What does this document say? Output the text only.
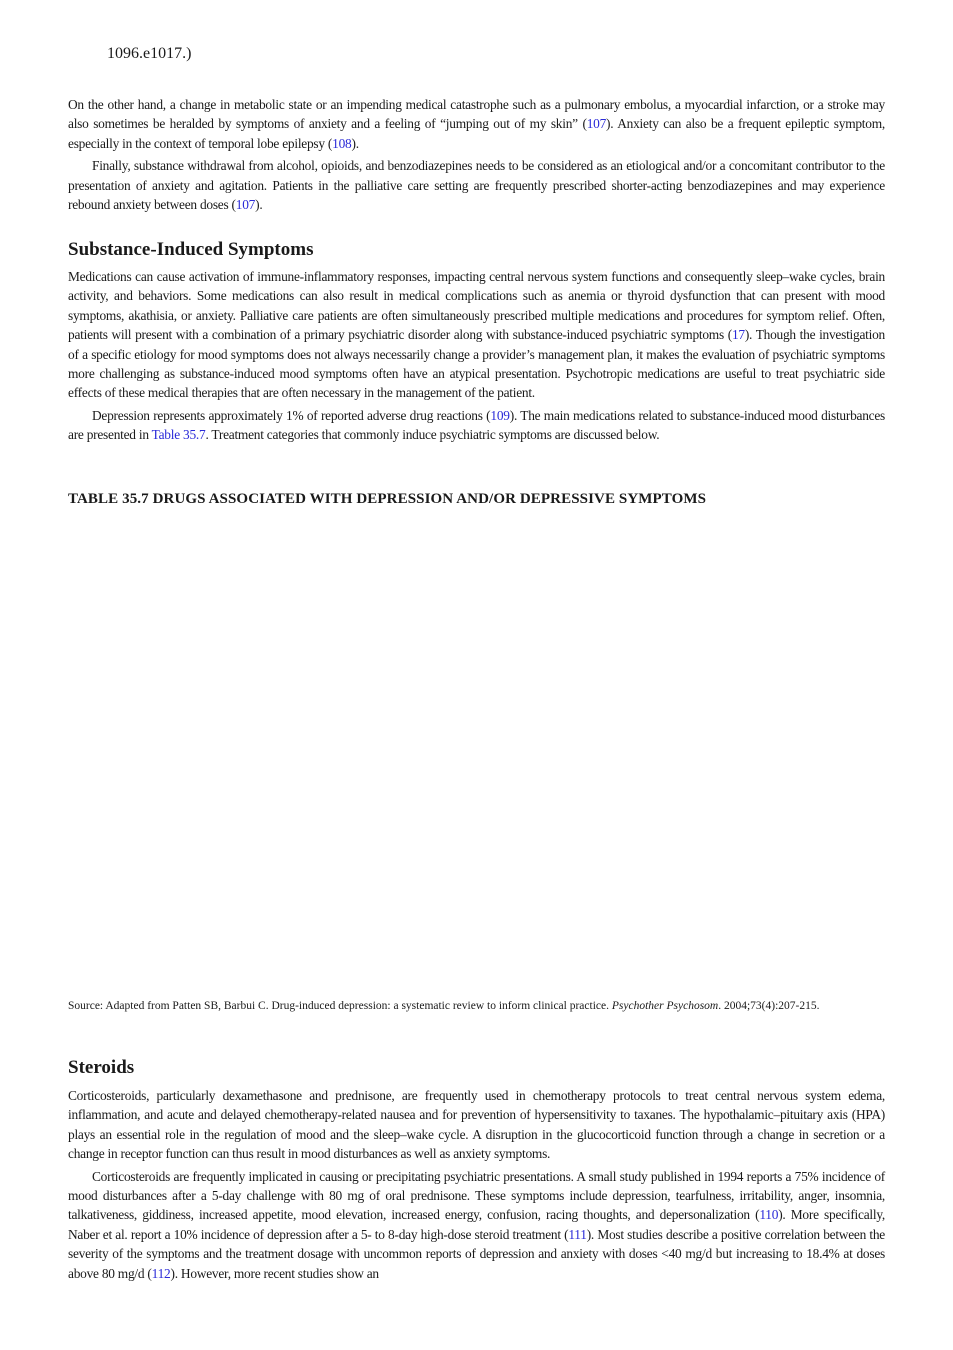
1096.e1017.)

On the other hand, a change in metabolic state or an impending medical catastrophe such as a pulmonary embolus, a myocardial infarction, or a stroke may also sometimes be heralded by symptoms of anxiety and a feeling of “jumping out of my skin” (107). Anxiety can also be a frequent epileptic symptom, especially in the context of temporal lobe epilepsy (108).

Finally, substance withdrawal from alcohol, opioids, and benzodiazepines needs to be considered as an etiological and/or a concomitant contributor to the presentation of anxiety and agitation. Patients in the palliative care setting are frequently prescribed shorter-acting benzodiazepines and may experience rebound anxiety between doses (107).

Substance-Induced Symptoms

Medications can cause activation of immune-inflammatory responses, impacting central nervous system functions and consequently sleep–wake cycles, brain activity, and behaviors. Some medications can also result in medical complications such as anemia or thyroid dysfunction that can present with mood symptoms, akathisia, or anxiety. Palliative care patients are often simultaneously prescribed multiple medications and procedures for symptom relief. Often, patients will present with a combination of a primary psychiatric disorder along with substance-induced psychiatric symptoms (17). Though the investigation of a specific etiology for mood symptoms does not always necessarily change a provider’s management plan, it makes the evaluation of psychiatric symptoms more challenging as substance-induced mood symptoms often have an atypical presentation. Psychotropic medications are useful to treat psychiatric side effects of these medical therapies that are often necessary in the management of the patient.

Depression represents approximately 1% of reported adverse drug reactions (109). The main medications related to substance-induced mood disturbances are presented in Table 35.7. Treatment categories that commonly induce psychiatric symptoms are discussed below.

TABLE 35.7 DRUGS ASSOCIATED WITH DEPRESSION AND/OR DEPRESSIVE SYMPTOMS
Source: Adapted from Patten SB, Barbui C. Drug-induced depression: a systematic review to inform clinical practice. Psychother Psychosom. 2004;73(4):207-215.
Steroids

Corticosteroids, particularly dexamethasone and prednisone, are frequently used in chemotherapy protocols to treat central nervous system edema, inflammation, and acute and delayed chemotherapy-related nausea and for prevention of hypersensitivity to taxanes. The hypothalamic–pituitary axis (HPA) plays an essential role in the regulation of mood and the sleep–wake cycle. A disruption in the glucocorticoid function through a change in secretion or a change in receptor function can thus result in mood disturbances as well as anxiety symptoms.

Corticosteroids are frequently implicated in causing or precipitating psychiatric presentations. A small study published in 1994 reports a 75% incidence of mood disturbances after a 5-day challenge with 80 mg of oral prednisone. These symptoms include depression, tearfulness, irritability, anger, insomnia, talkativeness, giddiness, increased appetite, mood elevation, increased energy, confusion, racing thoughts, and depersonalization (110). More specifically, Naber et al. report a 10% incidence of depression after a 5- to 8-day high-dose steroid treatment (111). Most studies describe a positive correlation between the severity of the symptoms and the treatment dosage with uncommon reports of depression and anxiety with doses <40 mg/d but increasing to 18.4% at doses above 80 mg/d (112). However, more recent studies show an
